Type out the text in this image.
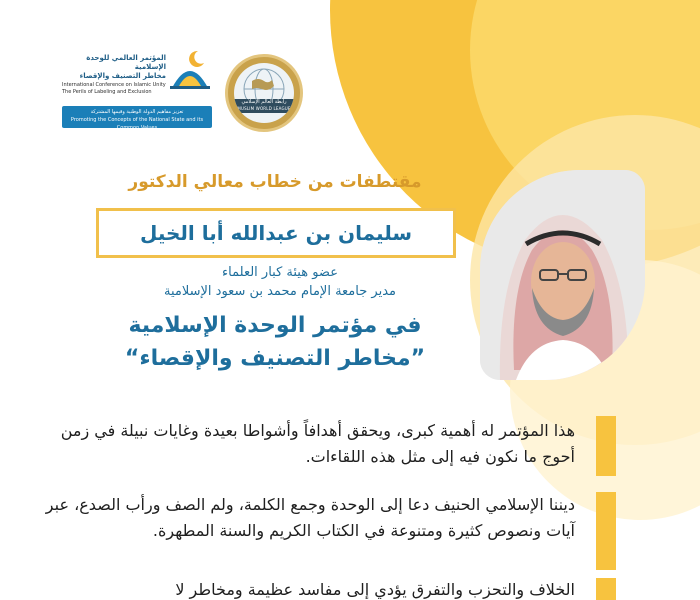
المؤتمر العالمي للوحدة الإسلامية
مخاطر التصنيف والإقصاء
International Conference on Islamic Unity
The Perils of Labeling and Exclusion
تعزيز مفاهيم الدولة الوطنية وقيمها المشتركة
Promoting the Concepts of the National State and its Common Values
رابطة العالم الإسلامي
MUSLIM WORLD LEAGUE
مقتطفات من خطاب معالي الدكتور
سليمان بن عبدالله أبا الخيل
عضو هيئة كبار العلماء
مدير جامعة الإمام محمد بن سعود الإسلامية
في مؤتمر الوحدة الإسلامية
”مخاطر التصنيف والإقصاء“
هذا المؤتمر له أهمية كبرى، ويحقق أهدافاً وأشواطا بعيدة وغايات نبيلة في زمن أحوج ما نكون فيه إلى مثل هذه اللقاءات.
ديننا الإسلامي الحنيف دعا إلى الوحدة وجمع الكلمة، ولم الصف ورأب الصدع، عبر آيات ونصوص كثيرة ومتنوعة في الكتاب الكريم والسنة المطهرة.
الخلاف والتحزب والتفرق يؤدي إلى مفاسد عظيمة ومخاطر لا
